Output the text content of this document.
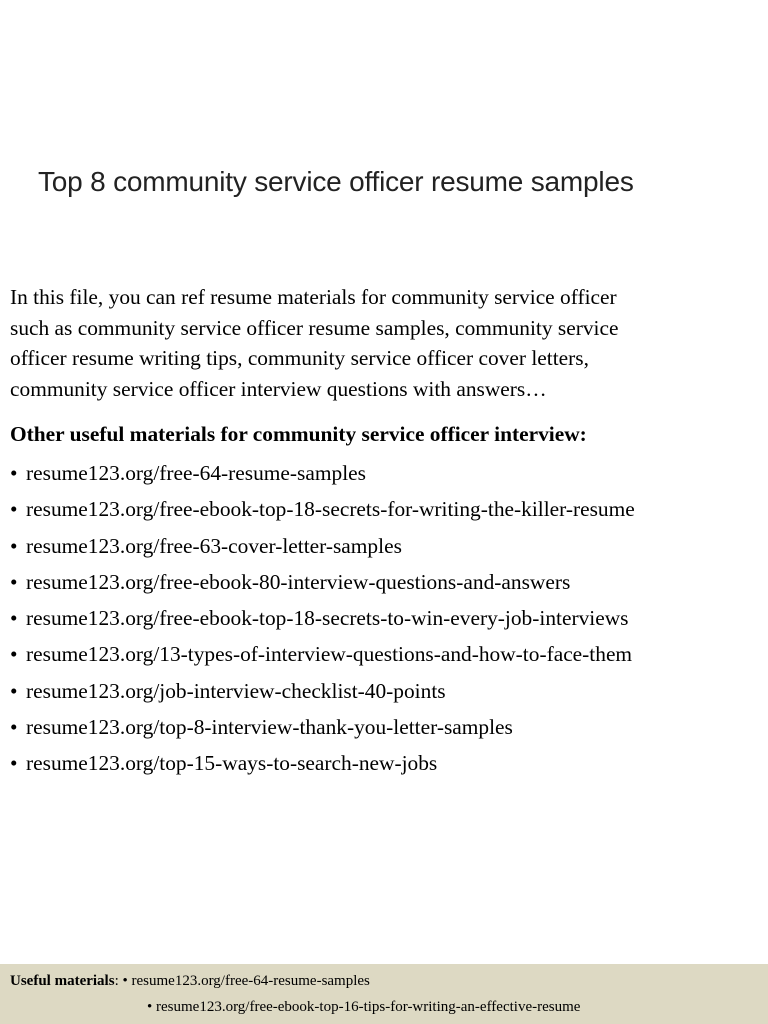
Top 8 community service officer resume samples

In this file, you can ref resume materials for community service officer

such as community service officer resume samples, community service

officer resume writing tips, community service officer cover letters,

community service officer interview questions with answers…

Other useful materials for community service officer interview:
• resume123.org/free-64-resume-samples
• resume123.org/free-ebook-top-18-secrets-for-writing-the-killer-resume
• resume123.org/free-63-cover-letter-samples
• resume123.org/free-ebook-80-interview-questions-and-answers
• resume123.org/free-ebook-top-18-secrets-to-win-every-job-interviews
• resume123.org/13-types-of-interview-questions-and-how-to-face-them
• resume123.org/job-interview-checklist-40-points
• resume123.org/top-8-interview-thank-you-letter-samples
• resume123.org/top-15-ways-to-search-new-jobs
Useful materials: • resume123.org/free-64-resume-samples
• resume123.org/free-ebook-top-16-tips-for-writing-an-effective-resume
